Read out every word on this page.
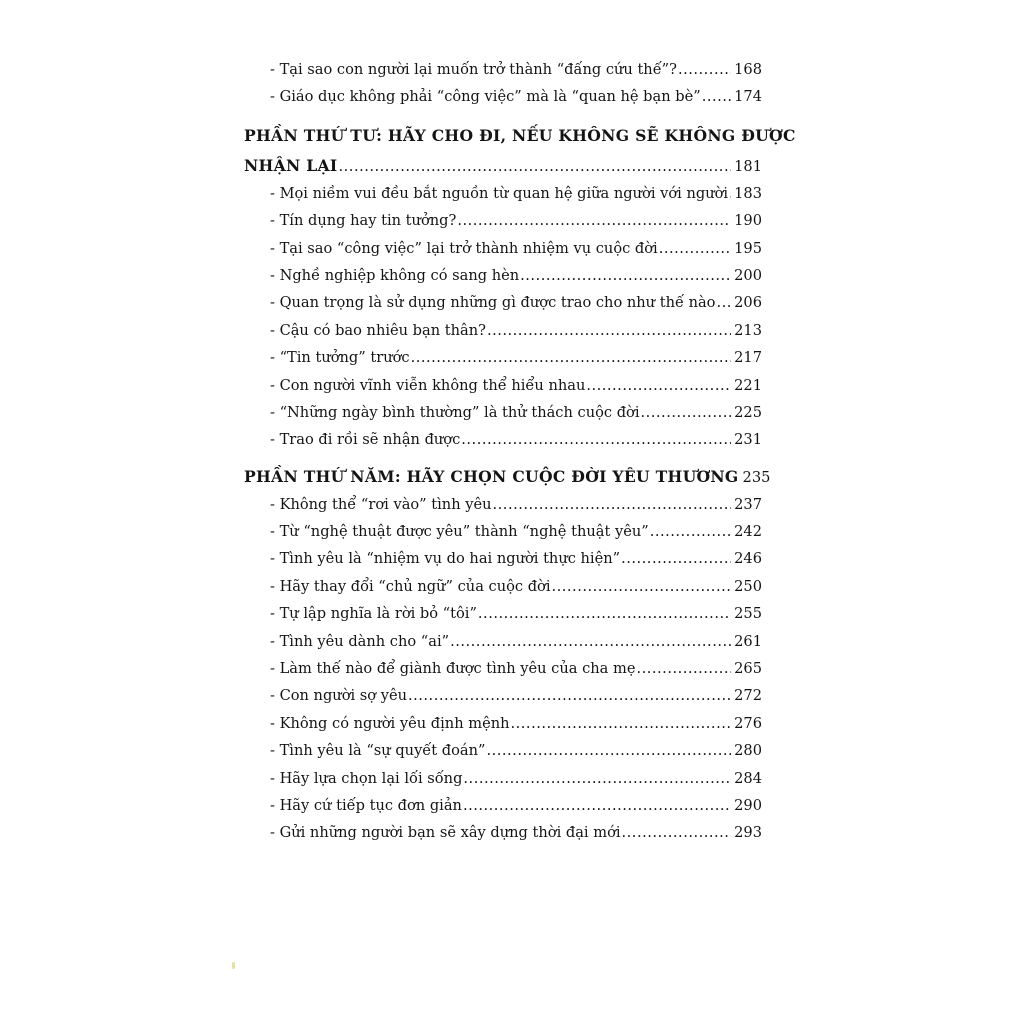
- Tại sao con người lại muốn trở thành “đấng cứu thế”? .....	168
- Giáo dục không phải “công việc” mà là “quan hệ bạn bè” ..... 174
PHẦN THỨ TƯ: HÃY CHO ĐI, NẾU KHÔNG SẼ KHÔNG ĐƯỢC
NHẬN LẠI .....	181
- Mọi niềm vui đều bắt nguồn từ quan hệ giữa người với người ..... 183
- Tín dụng hay tin tưởng? .....	190
- Tại sao “công việc” lại trở thành nhiệm vụ cuộc đời .....	195
- Nghề nghiệp không có sang hèn .....	200
- Quan trọng là sử dụng những gì được trao cho như thế nào ..... 206
- Cậu có bao nhiêu bạn thân? .....	213
- “Tin tưởng” trước .....	217
- Con người vĩnh viễn không thể hiểu nhau .....	221
- “Những ngày bình thường” là thử thách cuộc đời .....	225
- Trao đi rồi sẽ nhận được .....	231
PHẦN THỨ NĂM: HÃY CHỌN CUỘC ĐỜI YÊU THƯƠNG 235
- Không thể “rơi vào” tình yêu .....	237
- Từ “nghệ thuật được yêu” thành “nghệ thuật yêu” .....	242
- Tình yêu là “nhiệm vụ do hai người thực hiện” .....	246
- Hãy thay đổi “chủ ngữ” của cuộc đời .....	250
- Tự lập nghĩa là rời bỏ “tôi” .....	255
- Tình yêu dành cho “ai” .....	261
- Làm thế nào để giành được tình yêu của cha mẹ .....	265
- Con người sợ yêu .....	272
- Không có người yêu định mệnh .....	276
- Tình yêu là “sự quyết đoán” .....	280
- Hãy lựa chọn lại lối sống .....	284
- Hãy cứ tiếp tục đơn giản .....	290
- Gửi những người bạn sẽ xây dựng thời đại mới .....	293
